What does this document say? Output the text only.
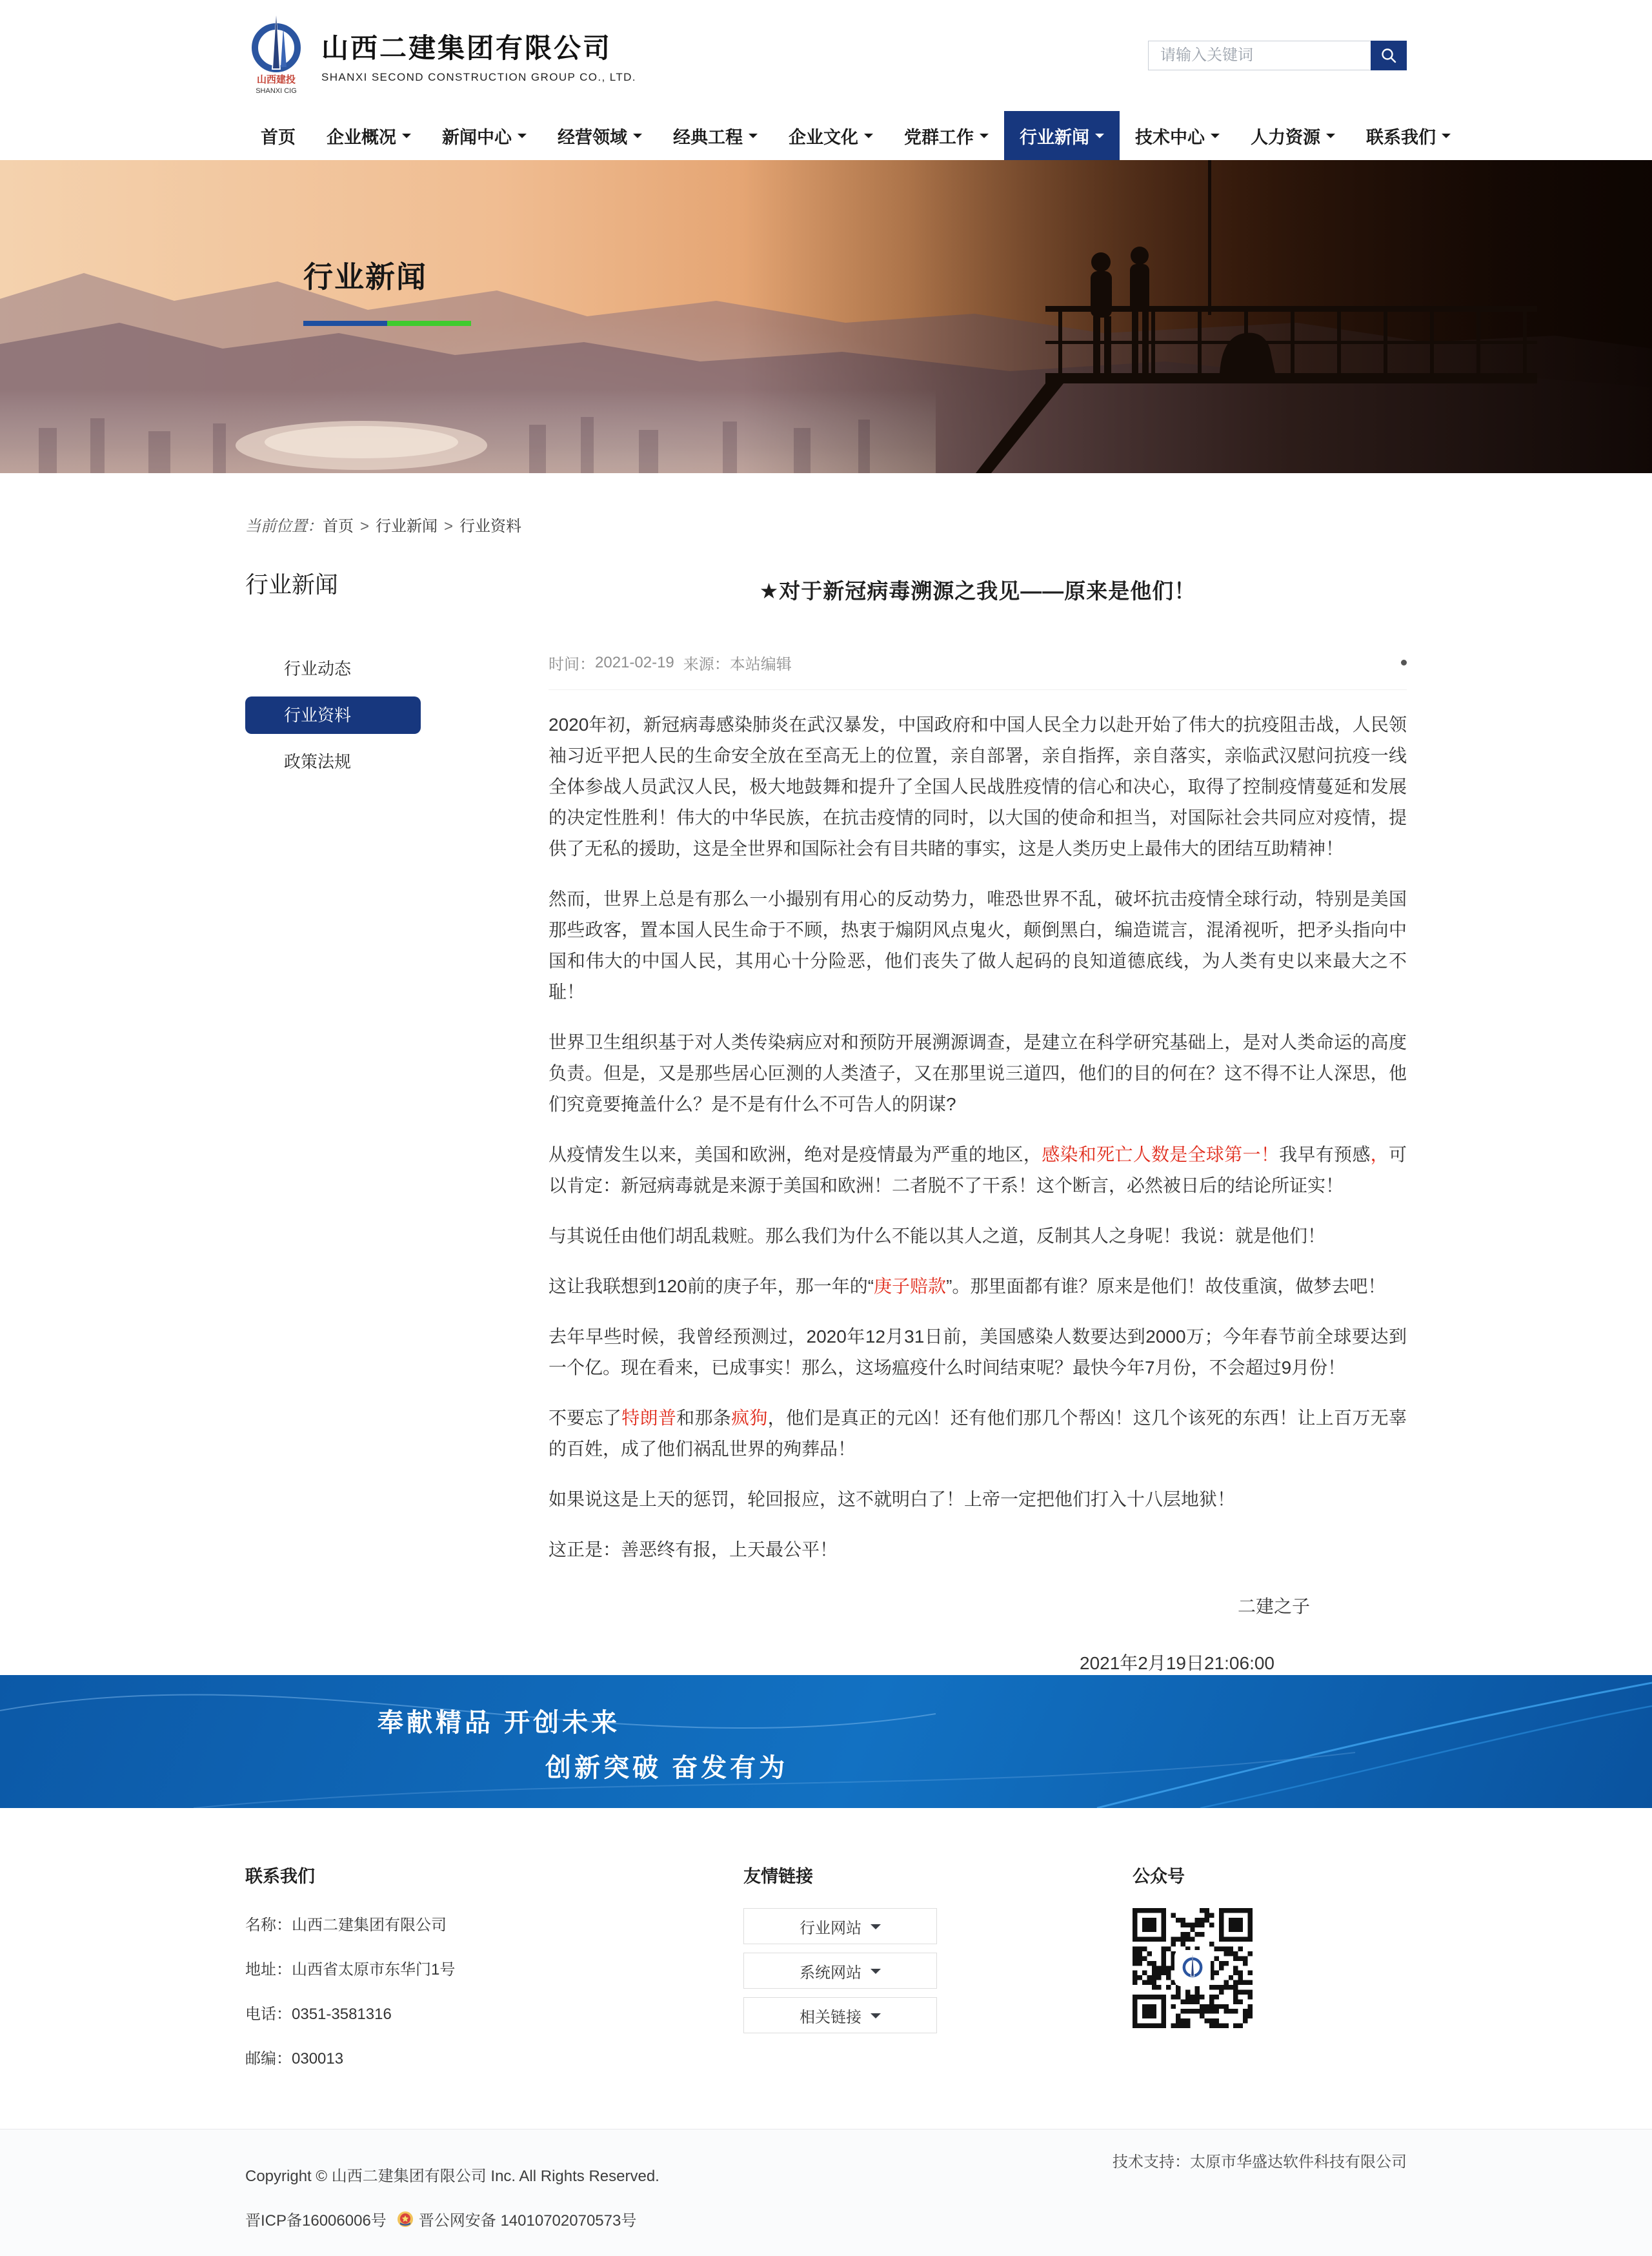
山西建投
SHANXI CIG
山西二建集团有限公司
SHANXI SECOND CONSTRUCTION GROUP CO., LTD.
请输入关键词
首页 企业概况	新闻中心	经营领域	经典工程	企业文化	党群工作	行业新闻	技术中心	人力资源	联系我们
行业新闻
当前位置：首页 > 行业新闻 > 行业资料
行业新闻
行业动态
行业资料
政策法规
★对于新冠病毒溯源之我见——原来是他们！
时间： 2021-02-19 来源： 本站编辑

2020年初，新冠病毒感染肺炎在武汉暴发，中国政府和中国人民全力以赴开始了伟大的抗疫阻击战，人民领袖习近平把人民的生命安全放在至高无上的位置，亲自部署，亲自指挥，亲自落实，亲临武汉慰问抗疫一线全体参战人员武汉人民，极大地鼓舞和提升了全国人民战胜疫情的信心和决心，取得了控制疫情蔓延和发展的决定性胜利！伟大的中华民族，在抗击疫情的同时，以大国的使命和担当，对国际社会共同应对疫情，提供了无私的援助，这是全世界和国际社会有目共睹的事实，这是人类历史上最伟大的团结互助精神！

然而，世界上总是有那么一小撮别有用心的反动势力，唯恐世界不乱，破坏抗击疫情全球行动，特别是美国那些政客，置本国人民生命于不顾，热衷于煽阴风点鬼火，颠倒黑白，编造谎言，混淆视听，把矛头指向中国和伟大的中国人民，其用心十分险恶，他们丧失了做人起码的良知道德底线，为人类有史以来最大之不耻！

世界卫生组织基于对人类传染病应对和预防开展溯源调查，是建立在科学研究基础上，是对人类命运的高度负责。但是，又是那些居心叵测的人类渣子，又在那里说三道四，他们的目的何在？这不得不让人深思，他们究竟要掩盖什么？是不是有什么不可告人的阴谋?

从疫情发生以来，美国和欧洲，绝对是疫情最为严重的地区，感染和死亡人数是全球第一！我早有预感，可以肯定：新冠病毒就是来源于美国和欧洲！二者脱不了干系！这个断言，必然被日后的结论所证实！

与其说任由他们胡乱栽赃。那么我们为什么不能以其人之道，反制其人之身呢！我说：就是他们！

这让我联想到120前的庚子年，那一年的“庚子赔款”。那里面都有谁？原来是他们！故伎重演，做梦去吧！

去年早些时候，我曾经预测过，2020年12月31日前，美国感染人数要达到2000万；今年春节前全球要达到一个亿。现在看来，已成事实！那么，这场瘟疫什么时间结束呢？最快今年7月份，不会超过9月份！

不要忘了特朗普和那条疯狗，他们是真正的元凶！还有他们那几个帮凶！这几个该死的东西！让上百万无辜的百姓，成了他们祸乱世界的殉葬品！

如果说这是上天的惩罚，轮回报应，这不就明白了！上帝一定把他们打入十八层地狱！

这正是：善恶终有报，上天最公平！

二建之子
2021年2月19日21:06:00
奉献精品 开创未来
创新突破 奋发有为
联系我们
名称：山西二建集团有限公司
地址：山西省太原市东华门1号
电话：0351-3581316
邮编：030013
友情链接
行业网站
系统网站
相关链接
公众号
Copyright © 山西二建集团有限公司 Inc. All Rights Reserved.
晋ICP备16006006号 晋公网安备 14010702070573号
技术支持：太原市华盛达软件科技有限公司
